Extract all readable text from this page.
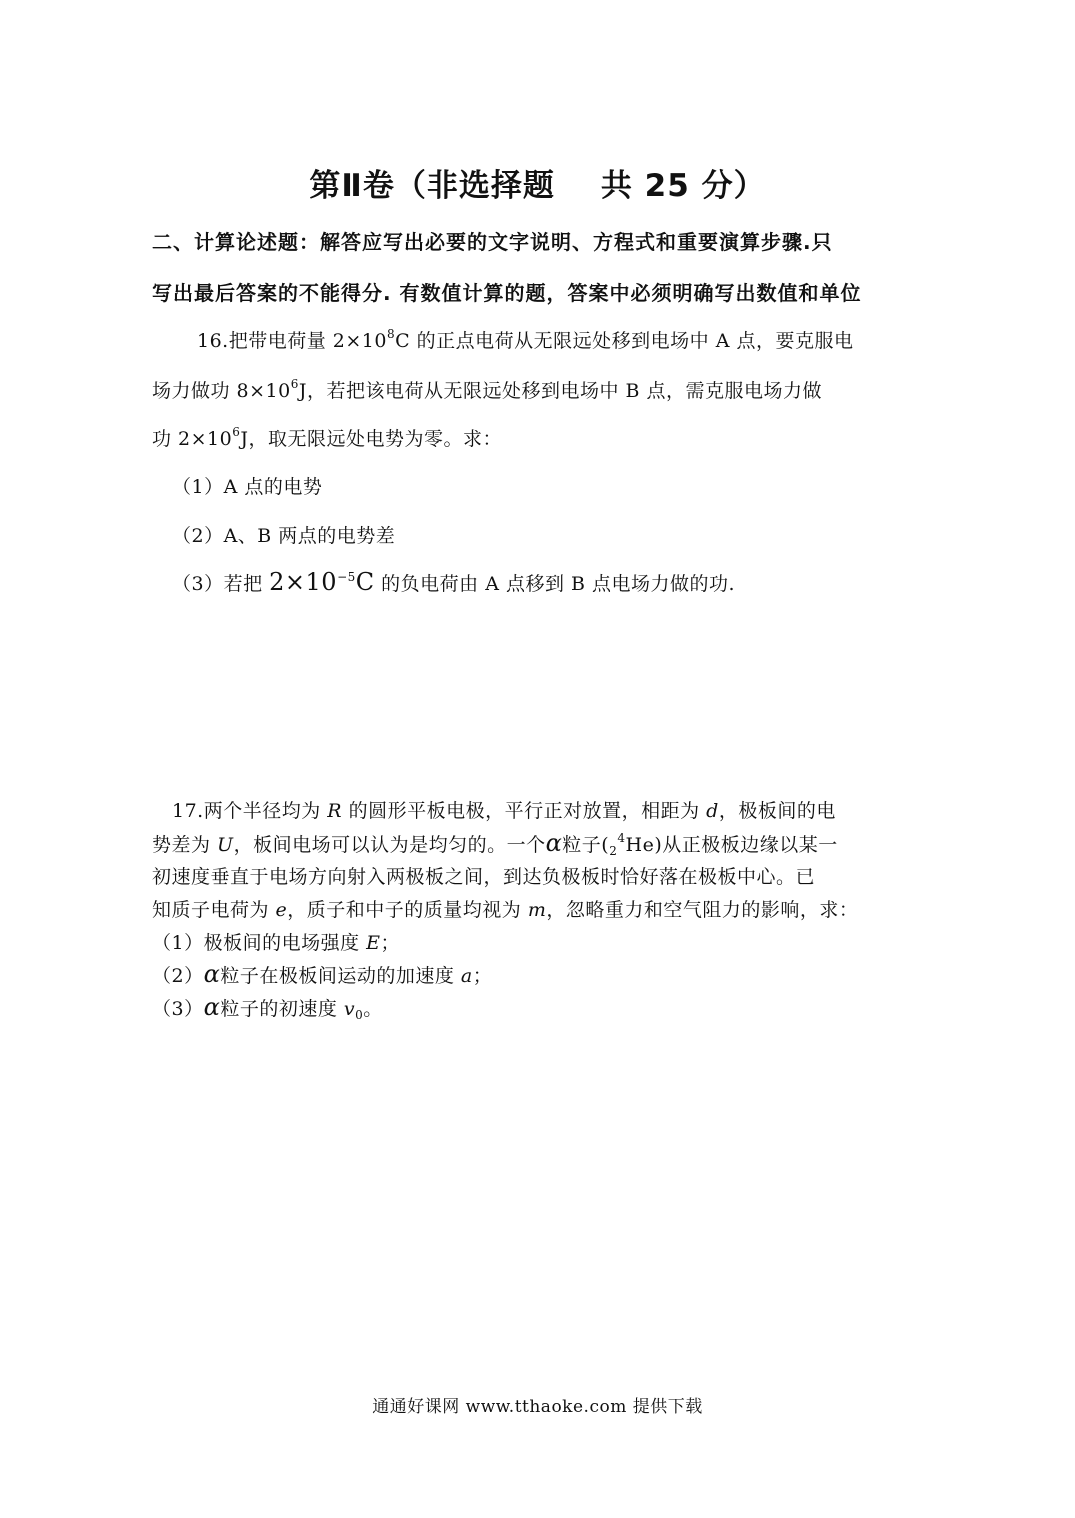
第Ⅱ卷（非选择题 共 25 分）
二、计算论述题：解答应写出必要的文字说明、方程式和重要演算步骤.只
写出最后答案的不能得分. 有数值计算的题，答案中必须明确写出数值和单位
16.把带电荷量 $2\times 10^8C$ 的正点电荷从无限远处移到电场中 A 点，要克服电
场力做功 $8\times 10^6J$，若把该电荷从无限远处移到电场中 B 点，需克服电场力做
功 $2\times 10^6J$，取无限远处电势为零。求：
（1）A 点的电势
（2）A、B 两点的电势差
（3）若把 $2\times 10^{-5}C$ 的负电荷由 A 点移到 B 点电场力做的功.
17.两个半径均为 R 的圆形平板电极，平行正对放置，相距为 d，极板间的电
势差为 U，板间电场可以认为是均匀的。一个α粒子$(_2^4He)$从正极板边缘以某一
初速度垂直于电场方向射入两极板之间，到达负极板时恰好落在极板中心。已
知质子电荷为 e，质子和中子的质量均视为 m，忽略重力和空气阻力的影响，求：
（1）极板间的电场强度 E；
（2）α粒子在极板间运动的加速度 a；
（3）α粒子的初速度 $v_0$。
通通好课网 www.tthaoke.com 提供下载
